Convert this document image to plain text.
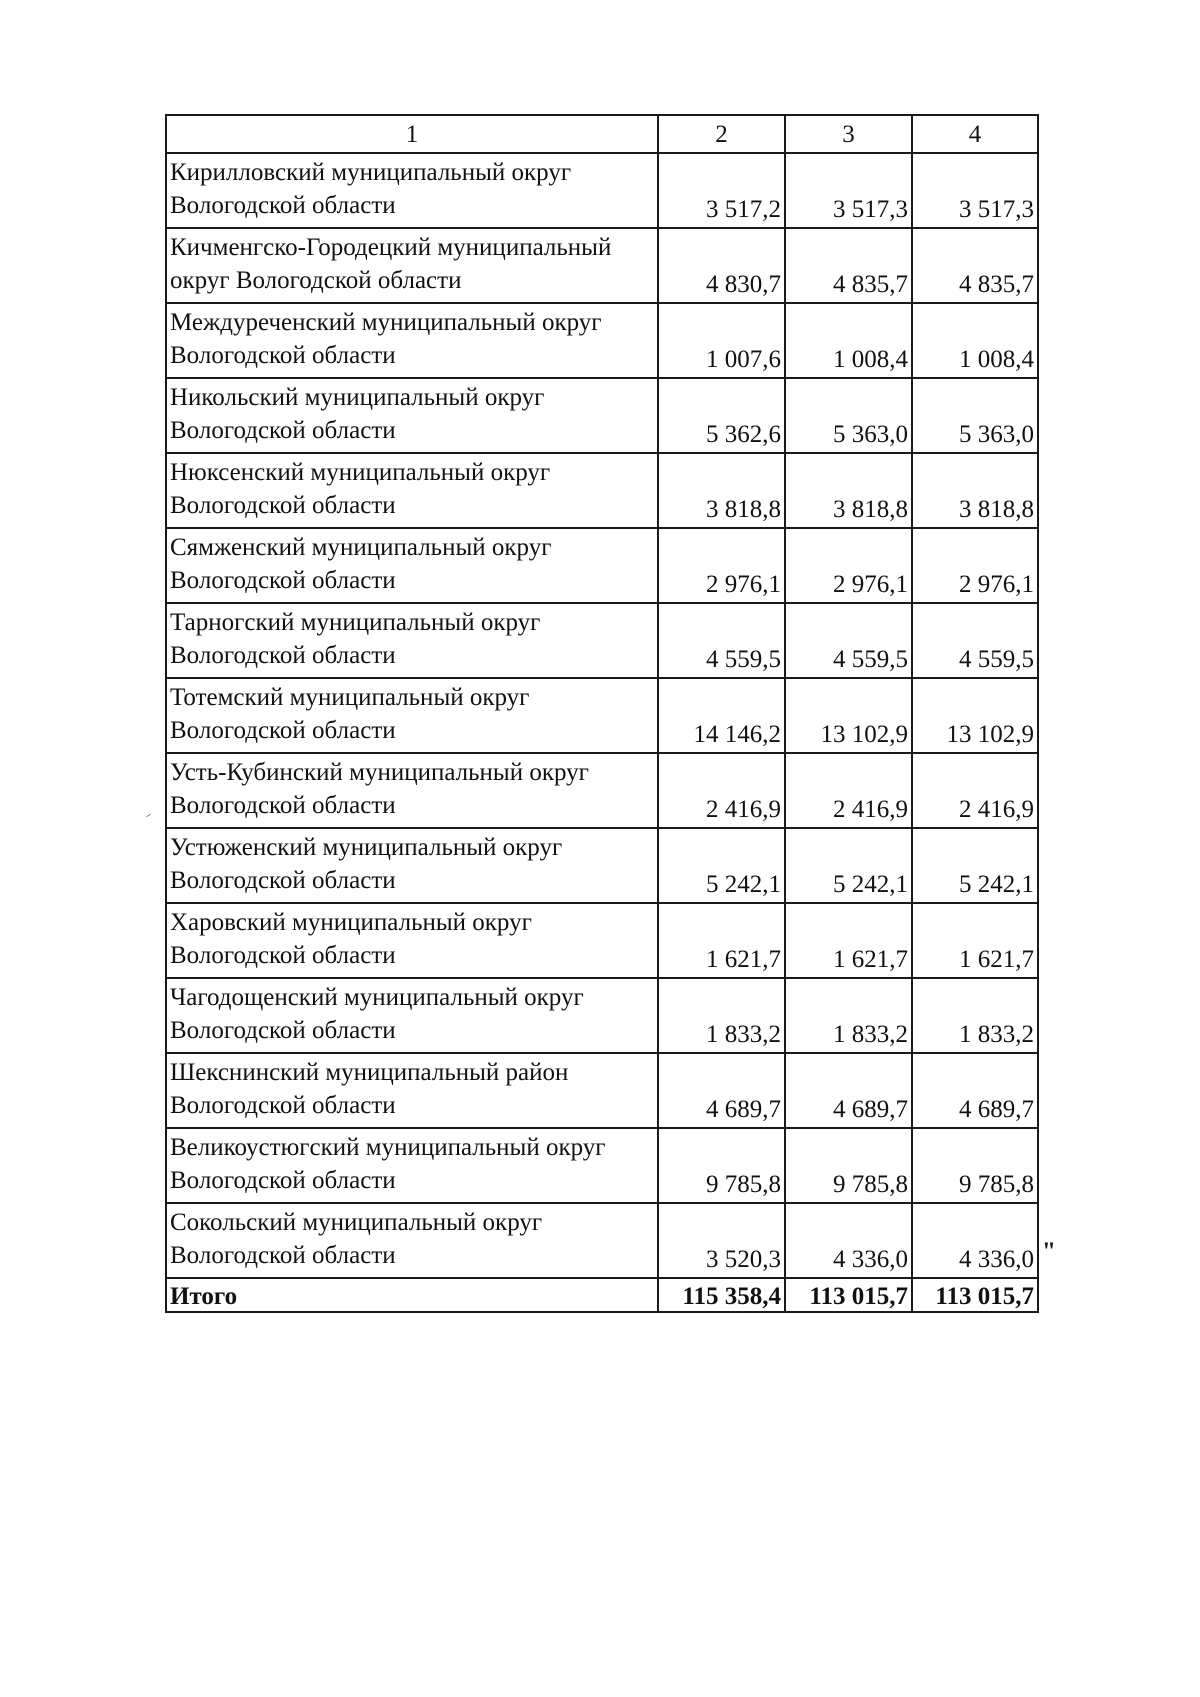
1	2	3	4
Кирилловский муниципальный округ Вологодской области	3 517,2	3 517,3	3 517,3
Кичменгско-Городецкий муниципальный округ Вологодской области	4 830,7	4 835,7	4 835,7
Междуреченский муниципальный округ Вологодской области	1 007,6	1 008,4	1 008,4
Никольский муниципальный округ Вологодской области	5 362,6	5 363,0	5 363,0
Нюксенский муниципальный округ Вологодской области	3 818,8	3 818,8	3 818,8
Сямженский муниципальный округ Вологодской области	2 976,1	2 976,1	2 976,1
Тарногский муниципальный округ Вологодской области	4 559,5	4 559,5	4 559,5
Тотемский муниципальный округ Вологодской области	14 146,2	13 102,9	13 102,9
Усть-Кубинский муниципальный округ Вологодской области	2 416,9	2 416,9	2 416,9
Устюженский муниципальный округ Вологодской области	5 242,1	5 242,1	5 242,1
Харовский муниципальный округ Вологодской области	1 621,7	1 621,7	1 621,7
Чагодощенский муниципальный округ Вологодской области	1 833,2	1 833,2	1 833,2
Шекснинский муниципальный район Вологодской области	4 689,7	4 689,7	4 689,7
Великоустюгский муниципальный округ Вологодской области	9 785,8	9 785,8	9 785,8
Сокольский муниципальный округ Вологодской области	3 520,3	4 336,0	4 336,0
Итого	115 358,4	113 015,7	113 015,7
"
